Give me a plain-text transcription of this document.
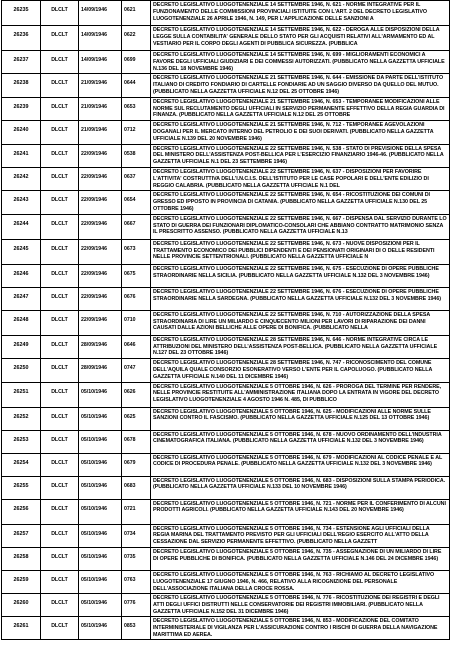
26235	DLCLT	14/09/1946	0621	DECRETO LEGISLATIVO LUOGOTENENZIALE 14 SETTEMBRE 1946, N. 621 - NORME INTEGRATIVE PER IL FUNZIONAMENTO DELLE COMMISSIONI PROVINCIALI ISTITUITE CON L'ART. 2 DEL DECRETO LEGISLATIVO LUOGOTENENZIALE 26 APRILE 1946, N. 149, PER L'APPLICAZIONE DELLE SANZIONI A

26236	DLCLT	14/09/1946	0622	DECRETO LEGISLATIVO LUOGOTENENZIALE 14 SETTEMBRE 1946, N. 622 - DEROGA ALLE DISPOSIZIONI DELLA LEGGE SULLA CONTABILITA' GENERALE DELLO STATO PER GLI ACQUISTI RELATIVI ALL'ARMAMENTO ED AL VESTIARIO PER IL CORPO DEGLI AGENTI DI PUBBLICA SICUREZZA. (PUBBLICA

26237	DLCLT	14/09/1946	0699	DECRETO LEGISLATIVO LUOGOTENENZIALE 14 SETTEMBRE 1946, N. 699 - MIGLIORAMENTI ECONOMICI A FAVORE DEGLI UFFICIALI GIUDIZIARI E DEI COMMESSI AUTORIZZATI. (PUBBLICATO NELLA GAZZETTA UFFICIALE N.136 DEL 18 NOVEMBRE 1946)

26238	DLCLT	21/09/1946	0644	DECRETO LEGISLATIVO LUOGOTENENZIALE 21 SETTEMBRE 1946, N. 644 - EMISSIONE DA PARTE DELL'ISTITUTO ITALIANO DI CREDITO FONDIARIO DI CARTELLE FONDIARIE AD UN SAGGIO DIVERSO DA QUELLO DEL MUTUO. (PUBBLICATO NELLA GAZZETTA UFFICIALE N.12 DEL 25 OTTOBRE 1946)

26239	DLCLT	21/09/1946	0653	DECRETO LEGISLATIVO LUOGOTENENZIALE 21 SETTEMBRE 1946, N. 653 - TEMPORANEE MODIFICAZIONI ALLE NORME SUL RECLUTAMENTO DEGLI UFFICIALI IN SERVIZIO PERMANENTE EFFETTIVO DELLA REGIA GUARDIA DI FINANZA. (PUBBLICATO NELLA GAZZETTA UFFICIALE N.12 DEL 25 OTTOBRE

26240	DLCLT	21/09/1946	0712	DECRETO LEGISLATIVO LUOGOTENENZIALE 21 SETTEMBRE 1946, N. 712 - TEMPORANEE AGEVOLAZIONI DOGANALI PER IL MERCATO INTERNO DEL PETROLIO E DEI SUOI DERIVATI. (PUBBLICATO NELLA GAZZETTA UFFICIALE N.139 DEL 20 NOVEMBRE 1946)

26241	DLCLT	22/09/1946	0538	DECRETO LEGISLATIVO LUOGOTENENZIALE 22 SETTEMBRE 1946, N. 538 - STATO DI PREVISIONE DELLA SPESA DEL MINISTERO DELL'ASSISTENZA POST-BELLICA PER L'ESERCIZIO FINANZIARIO 1946-46. (PUBBLICATO NELLA GAZZETTA UFFICIALE N.1 DEL 23 SETTEMBRE 1946)

26242	DLCLT	22/09/1946	0637	DECRETO LEGISLATIVO LUOGOTENENZIALE 22 SETTEMBRE 1946, N. 637 - DISPOSIZIONI PER FAVORIRE L'ATTIVITA' COSTRUTTIVA DELL'I.N.C.I.S. DELL'ISTITUTO PER LE CASE POPOLARI E DELL'ENTE EDILIZIO DI REGGIO CALABRIA. (PUBBLICATO NELLA GAZZETTA UFFICIALE N.1 DEL

26243	DLCLT	22/09/1946	0654	DECRETO LEGISLATIVO LUOGOTENENZIALE 22 SETTEMBRE 1946, N. 654 - RICOSTITUZIONE DEI COMUNI DI GRESSO ED IPPOSTO IN PROVINCIA DI CATANIA. (PUBBLICATO NELLA GAZZETTA UFFICIALE N.130 DEL 25 OTTOBRE 1946)

26244	DLCLT	22/09/1946	0667	DECRETO LEGISLATIVO LUOGOTENENZIALE 22 SETTEMBRE 1946, N. 667 - DISPENSA DAL SERVIZIO DURANTE LO STATO DI GUERRA DEI FUNZIONARI DIPLOMATICO-CONSOLARI CHE ABBIANO CONTRATTO MATRIMONIO SENZA IL PRESCRITTO ASSENSO. (PUBBLICATO NELLA GAZZETTA UFFICIALE N.13

26245	DLCLT	22/09/1946	0673	DECRETO LEGISLATIVO LUOGOTENENZIALE 22 SETTEMBRE 1946, N. 673 - NUOVE DISPOSIZIONI PER IL TRATTAMENTO ECONOMICO DEI PUBBLICI DIPENDENTI E DEI PENSIONATI ORIGINARI DI O DELLE RESIDENTI NELLE PROVINCIE SETTENTRIONALI. (PUBBLICATO NELLA GAZZETTA UFFICIALE N

26246	DLCLT	22/09/1946	0675	DECRETO LEGISLATIVO LUOGOTENENZIALE 22 SETTEMBRE 1946, N. 675 - ESECUZIONE DI OPERE PUBBLICHE STRAORDINARIE NELLA SICILIA. (PUBBLICATO NELLA GAZZETTA UFFICIALE N.132 DEL 3 NOVEMBRE 1946)

26247	DLCLT	22/09/1946	0676	DECRETO LEGISLATIVO LUOGOTENENZIALE 22 SETTEMBRE 1946, N. 676 - ESECUZIONE DI OPERE PUBBLICHE STRAORDINARIE NELLA SARDEGNA. (PUBBLICATO NELLA GAZZETTA UFFICIALE N.132 DEL 3 NOVEMBRE 1946)

26248	DLCLT	22/09/1946	0710	DECRETO LEGISLATIVO LUOGOTENENZIALE 22 SETTEMBRE 1946, N. 710 - AUTORIZZAZIONE DELLA SPESA STRAORDINARIA DI LIRE UN MILIARDO E CINQUECENTO MILIONI PER LAVORI DI RIPARAZIONE DEI DANNI CAUSATI DALLE AZIONI BELLICHE ALLE OPERE DI BONIFICA. (PUBBLICATO NELLA

26249	DLCLT	28/09/1946	0646	DECRETO LEGISLATIVO LUOGOTENENZIALE 28 SETTEMBRE 1946, N. 646 - NORME INTEGRATIVE CIRCA LE ATTRIBUZIONI DEL MINISTERO DELL'ASSISTENZA POST-BELLICA. (PUBBLICATO NELLA GAZZETTA UFFICIALE N.127 DEL 23 OTTOBRE 1946)

26250	DLCLT	28/09/1946	0747	DECRETO LEGISLATIVO LUOGOTENENZIALE 28 SETTEMBRE 1946, N. 747 - RICONOSCIMENTO DEL COMUNE DELL'AQUILA QUALE CONSORZIO ESONERATIVO VERSO L'ENTE PER IL CAPOLUOGO. (PUBBLICATO NELLA GAZZETTA UFFICIALE N.140 DEL 11 DICEMBRE 1946)

26251	DLCLT	05/10/1946	0626	DECRETO LEGISLATIVO LUOGOTENENZIALE 5 OTTOBRE 1946, N. 626 - PROROGA DEL TERMINE PER RENDERE, NELLE PROVINCIE RESTITUITE ALL'AMMINISTRAZIONE ITALIANA DOPO LA ENTRATA IN VIGORE DEL DECRETO LEGISLATIVO LUOGOTENENZIALE 4 AGOSTO 1946 N. 485, DI PUBBLICO

26252	DLCLT	05/10/1946	0625	DECRETO LEGISLATIVO LUOGOTENENZIALE 5 OTTOBRE 1946, N. 625 - MODIFICAZIONI ALLE NORME SULLE SANZIONI CONTRO IL FASCISMO. (PUBBLICATO NELLA GAZZETTA UFFICIALE N.125 DEL 13 OTTOBRE 1946)

26253	DLCLT	05/10/1946	0678	DECRETO LEGISLATIVO LUOGOTENENZIALE 5 OTTOBRE 1946, N. 678 - NUOVO ORDINAMENTO DELL'INDUSTRIA CINEMATOGRAFICA ITALIANA. (PUBBLICATO NELLA GAZZETTA UFFICIALE N.132 DEL 3 NOVEMBRE 1946)

26254	DLCLT	05/10/1946	0679	DECRETO LEGISLATIVO LUOGOTENENZIALE 5 OTTOBRE 1946, N. 679 - MODIFICAZIONI AL CODICE PENALE E AL CODICE DI PROCEDURA PENALE. (PUBBLICATO NELLA GAZZETTA UFFICIALE N.132 DEL 3 NOVEMBRE 1946)

26255	DLCLT	05/10/1946	0683	DECRETO LEGISLATIVO LUOGOTENENZIALE 5 OTTOBRE 1946, N. 683 - DISPOSIZIONI SULLA STAMPA PERIODICA. (PUBBLICATO NELLA GAZZETTA UFFICIALE N.133 DEL 10 NOVEMBRE 1946)

26256	DLCLT	05/10/1946	0721	DECRETO LEGISLATIVO LUOGOTENENZIALE 5 OTTOBRE 1946, N. 721 - NORME PER IL CONFERIMENTO DI ALCUNI PRODOTTI AGRICOLI. (PUBBLICATO NELLA GAZZETTA UFFICIALE N.143 DEL 20 NOVEMBRE 1946)

26257	DLCLT	05/10/1946	0734	DECRETO LEGISLATIVO LUOGOTENENZIALE 5 OTTOBRE 1946, N. 734 - ESTENSIONE AGLI UFFICIALI DELLA REGIA MARINA DEL TRATTAMENTO PREVISTO PER GLI UFFICIALI DELL'REGIO ESERCITO ALL'ATTO DELLA CESSAZIONE DAL SERVIZIO PERMANENTE EFFETTIVO. (PUBBLICATO NELLA GAZZETT

26258	DLCLT	05/10/1946	0735	DECRETO LEGISLATIVO LUOGOTENENZIALE 5 OTTOBRE 1946, N. 735 - ASSEGNAZIONE DI UN MILIARDO DI LIRE DI OPERE PUBBLICHE DI BONIFICA. (PUBBLICATO NELLA GAZZETTA UFFICIALE N.146 DEL 24 DICEMBRE 1946)

26259	DLCLT	05/10/1946	0763	DECRETO LEGISLATIVO LUOGOTENENZIALE 5 OTTOBRE 1946, N. 763 - RICHIAMO AL DECRETO LEGISLATIVO LUOGOTENENZIALE 17 GIUGNO 1946, N. 466, RELATIVO ALLA RICOGNIZIONE DEL PERSONALE DELL'ASSOCIAZIONE ITALIANA DELLA CROCE ROSSA.

26260	DLCLT	05/10/1946	0776	DECRETO LEGISLATIVO LUOGOTENENZIALE 5 OTTOBRE 1946, N. 776 - RICOSTITUZIONE DEI REGISTRI E DEGLI ATTI DEGLI UFFICI DISTRUTTI NELLE CONSERVATORIE DEI REGISTRI IMMOBILIARI. (PUBBLICATO NELLA GAZZETTA UFFICIALE N.152 DEL 31 DICEMBRE 1946)

26261	DLCLT	05/10/1946	0853	DECRETO LEGISLATIVO LUOGOTENENZIALE 5 OTTOBRE 1946, N. 853 - MODIFICAZIONE DEL COMITATO INTERMINISTERIALE DI VIGILANZA PER L'ASSICURAZIONE CONTRO I RISCHI DI GUERRA DELLA NAVIGAZIONE MARITTIMA ED AEREA.
